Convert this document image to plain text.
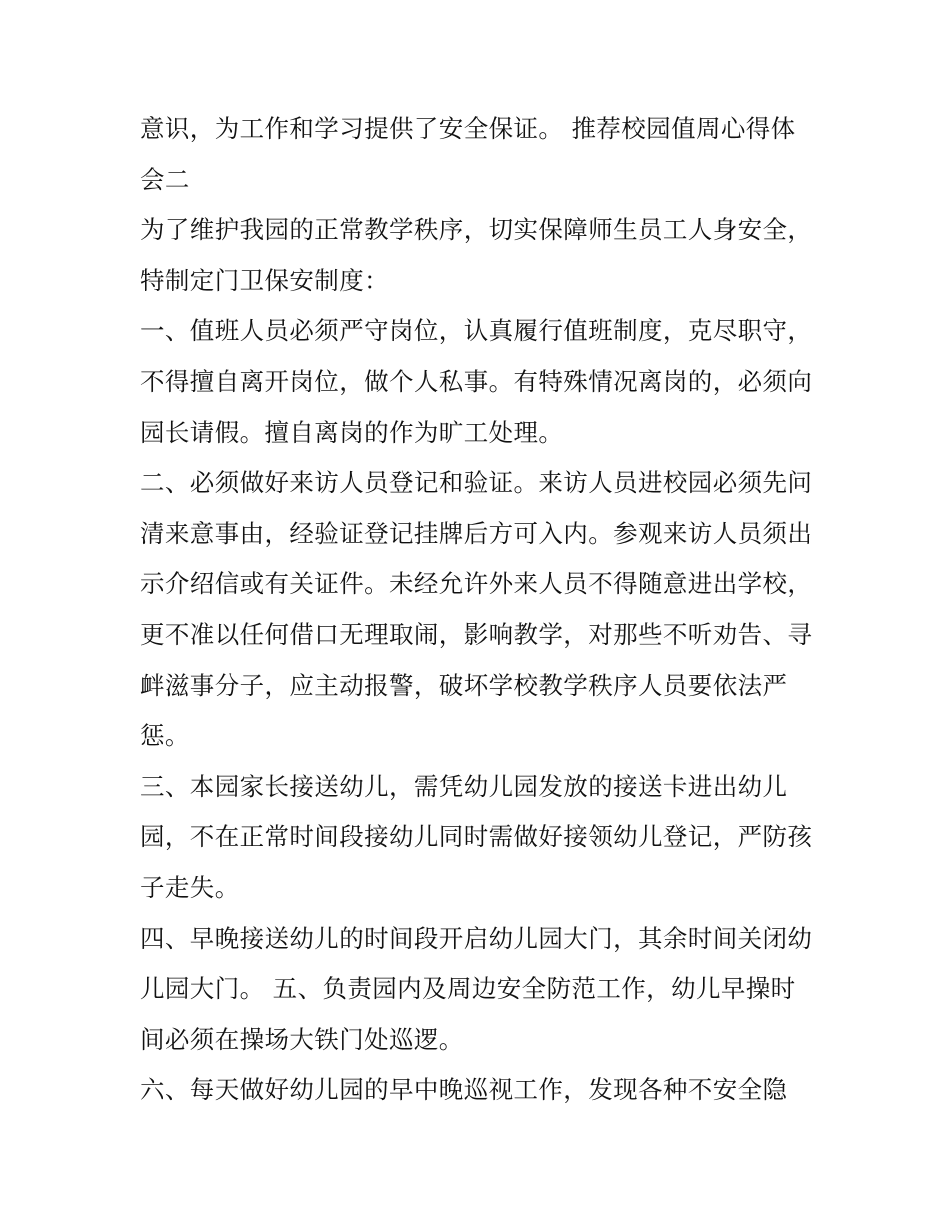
意识，为工作和学习提供了安全保证。 推荐校园值周心得体
会二
为了维护我园的正常教学秩序，切实保障师生员工人身安全，
特制定门卫保安制度：
一、值班人员必须严守岗位，认真履行值班制度，克尽职守，
不得擅自离开岗位，做个人私事。有特殊情况离岗的，必须向
园长请假。擅自离岗的作为旷工处理。
二、必须做好来访人员登记和验证。来访人员进校园必须先问
清来意事由，经验证登记挂牌后方可入内。参观来访人员须出
示介绍信或有关证件。未经允许外来人员不得随意进出学校，
更不准以任何借口无理取闹，影响教学，对那些不听劝告、寻
衅滋事分子，应主动报警，破坏学校教学秩序人员要依法严
惩。
三、本园家长接送幼儿，需凭幼儿园发放的接送卡进出幼儿
园，不在正常时间段接幼儿同时需做好接领幼儿登记，严防孩
子走失。
四、早晚接送幼儿的时间段开启幼儿园大门，其余时间关闭幼
儿园大门。 五、负责园内及周边安全防范工作，幼儿早操时
间必须在操场大铁门处巡逻。
六、每天做好幼儿园的早中晚巡视工作，发现各种不安全隐
